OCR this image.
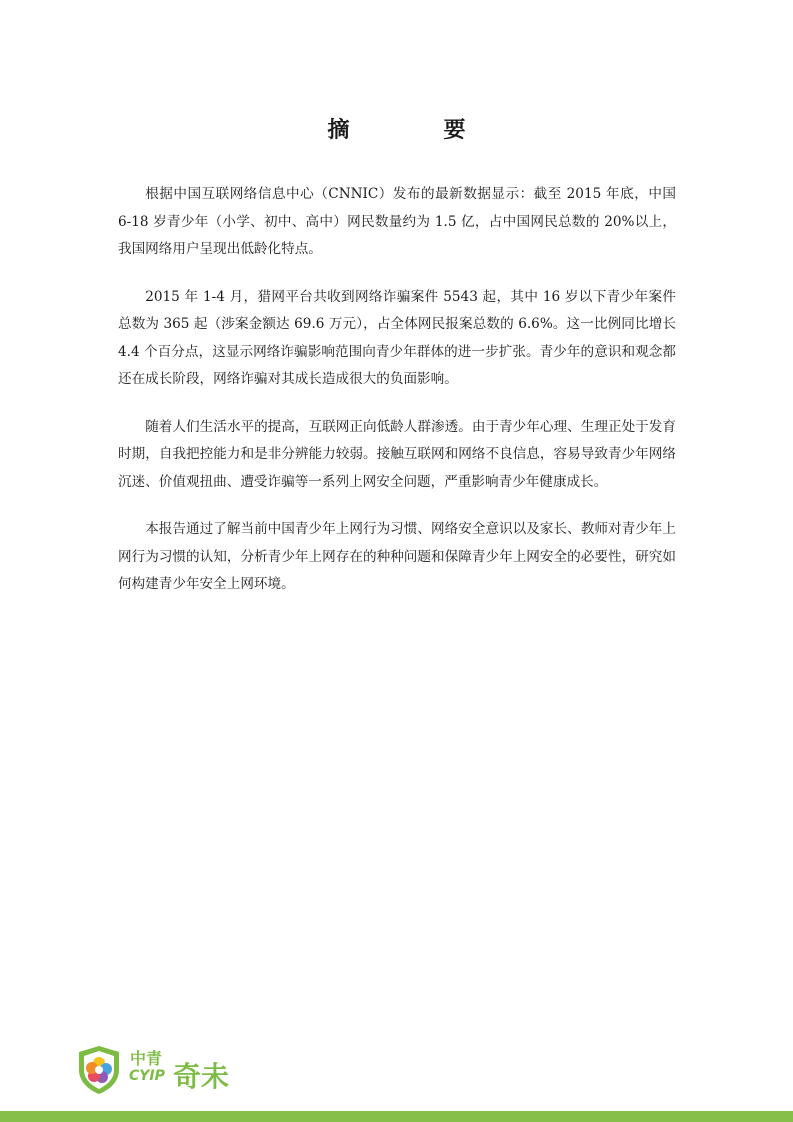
摘　要

根据中国互联网络信息中心（CNNIC）发布的最新数据显示：截至 2015 年底，中国 6-18 岁青少年（小学、初中、高中）网民数量约为 1.5 亿，占中国网民总数的 20%以上，我国网络用户呈现出低龄化特点。

2015 年 1-4 月，猎网平台共收到网络诈骗案件 5543 起，其中 16 岁以下青少年案件总数为 365 起（涉案金额达 69.6 万元），占全体网民报案总数的 6.6%。这一比例同比增长 4.4 个百分点，这显示网络诈骗影响范围向青少年群体的进一步扩张。青少年的意识和观念都还在成长阶段，网络诈骗对其成长造成很大的负面影响。

随着人们生活水平的提高，互联网正向低龄人群渗透。由于青少年心理、生理正处于发育时期，自我把控能力和是非分辨能力较弱。接触互联网和网络不良信息，容易导致青少年网络沉迷、价值观扭曲、遭受诈骗等一系列上网安全问题，严重影响青少年健康成长。

本报告通过了解当前中国青少年上网行为习惯、网络安全意识以及家长、教师对青少年上网行为习惯的认知，分析青少年上网存在的种种问题和保障青少年上网安全的必要性，研究如何构建青少年安全上网环境。

中青
CYIP 奇未
